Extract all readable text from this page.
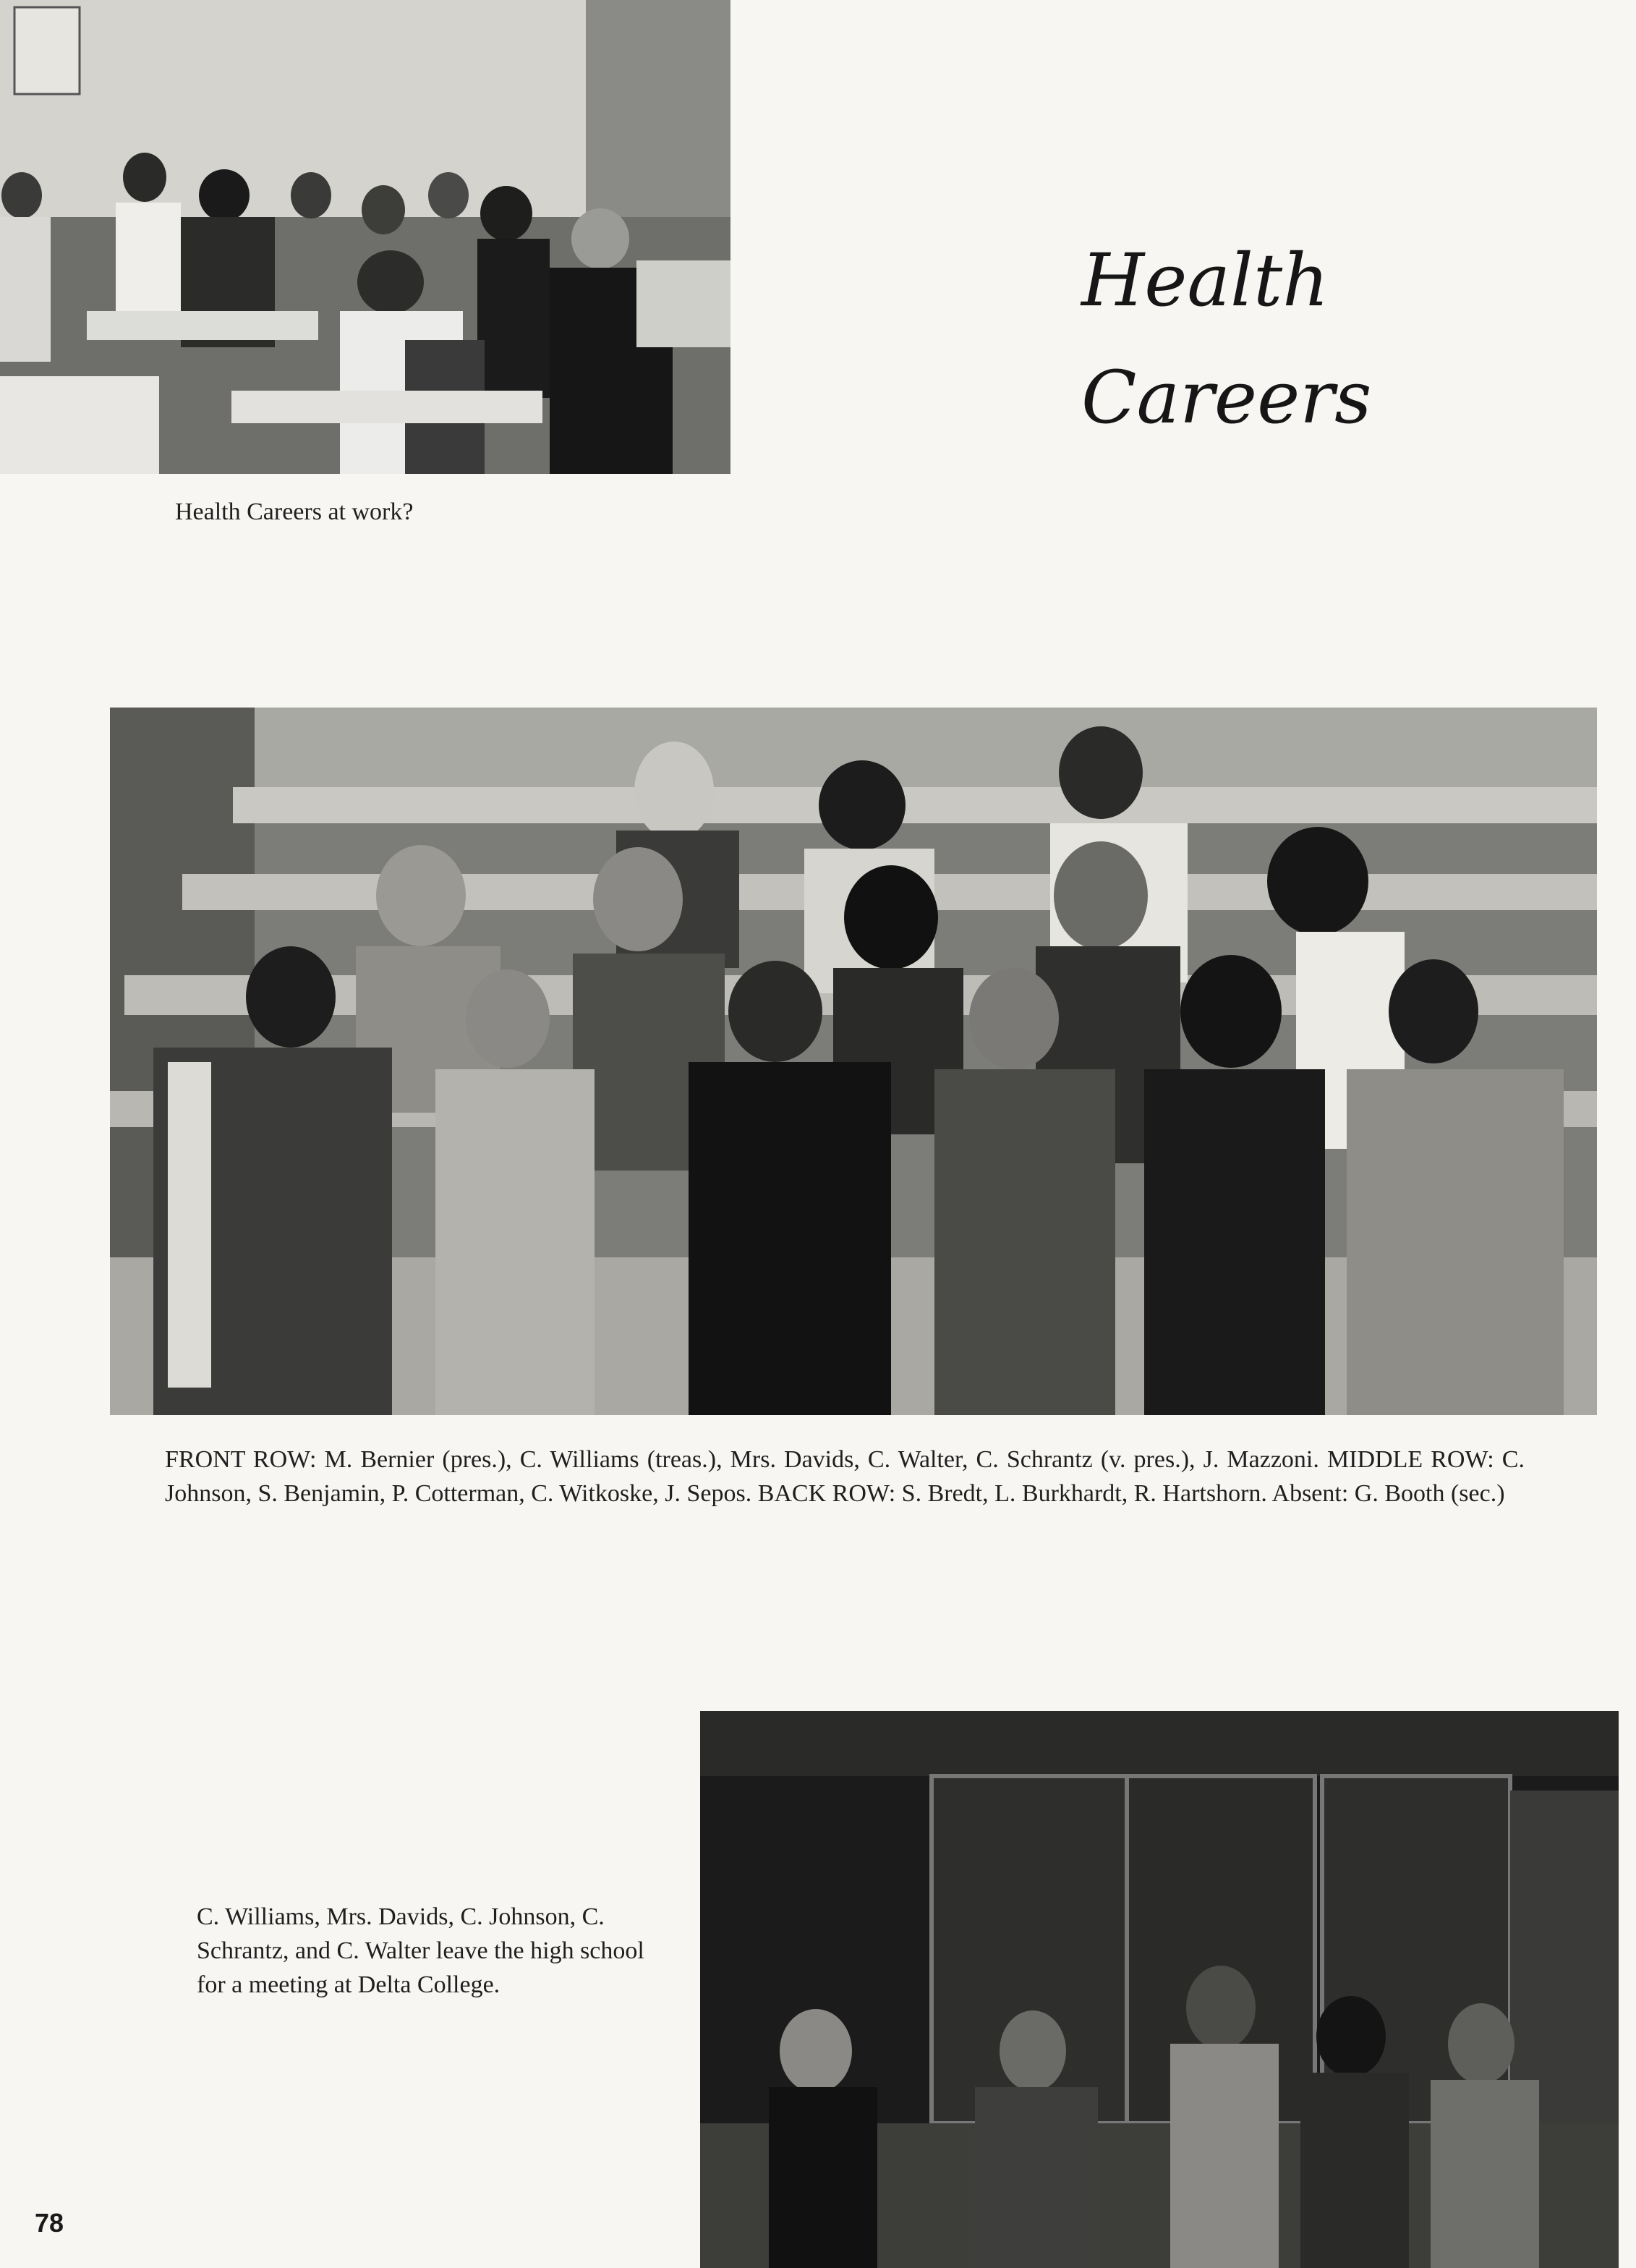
Health Careers at work?

Health
Careers

FRONT ROW: M. Bernier (pres.), C. Williams (treas.), Mrs. Davids, C. Walter, C. Schrantz (v. pres.), J. Mazzoni. MIDDLE ROW: C. Johnson, S. Benjamin, P. Cotterman, C. Witkoske, J. Sepos. BACK ROW: S. Bredt, L. Burkhardt, R. Hartshorn. Absent: G. Booth (sec.)

C. Williams, Mrs. Davids, C. Johnson, C. Schrantz, and C. Walter leave the high school for a meeting at Delta College.

78
